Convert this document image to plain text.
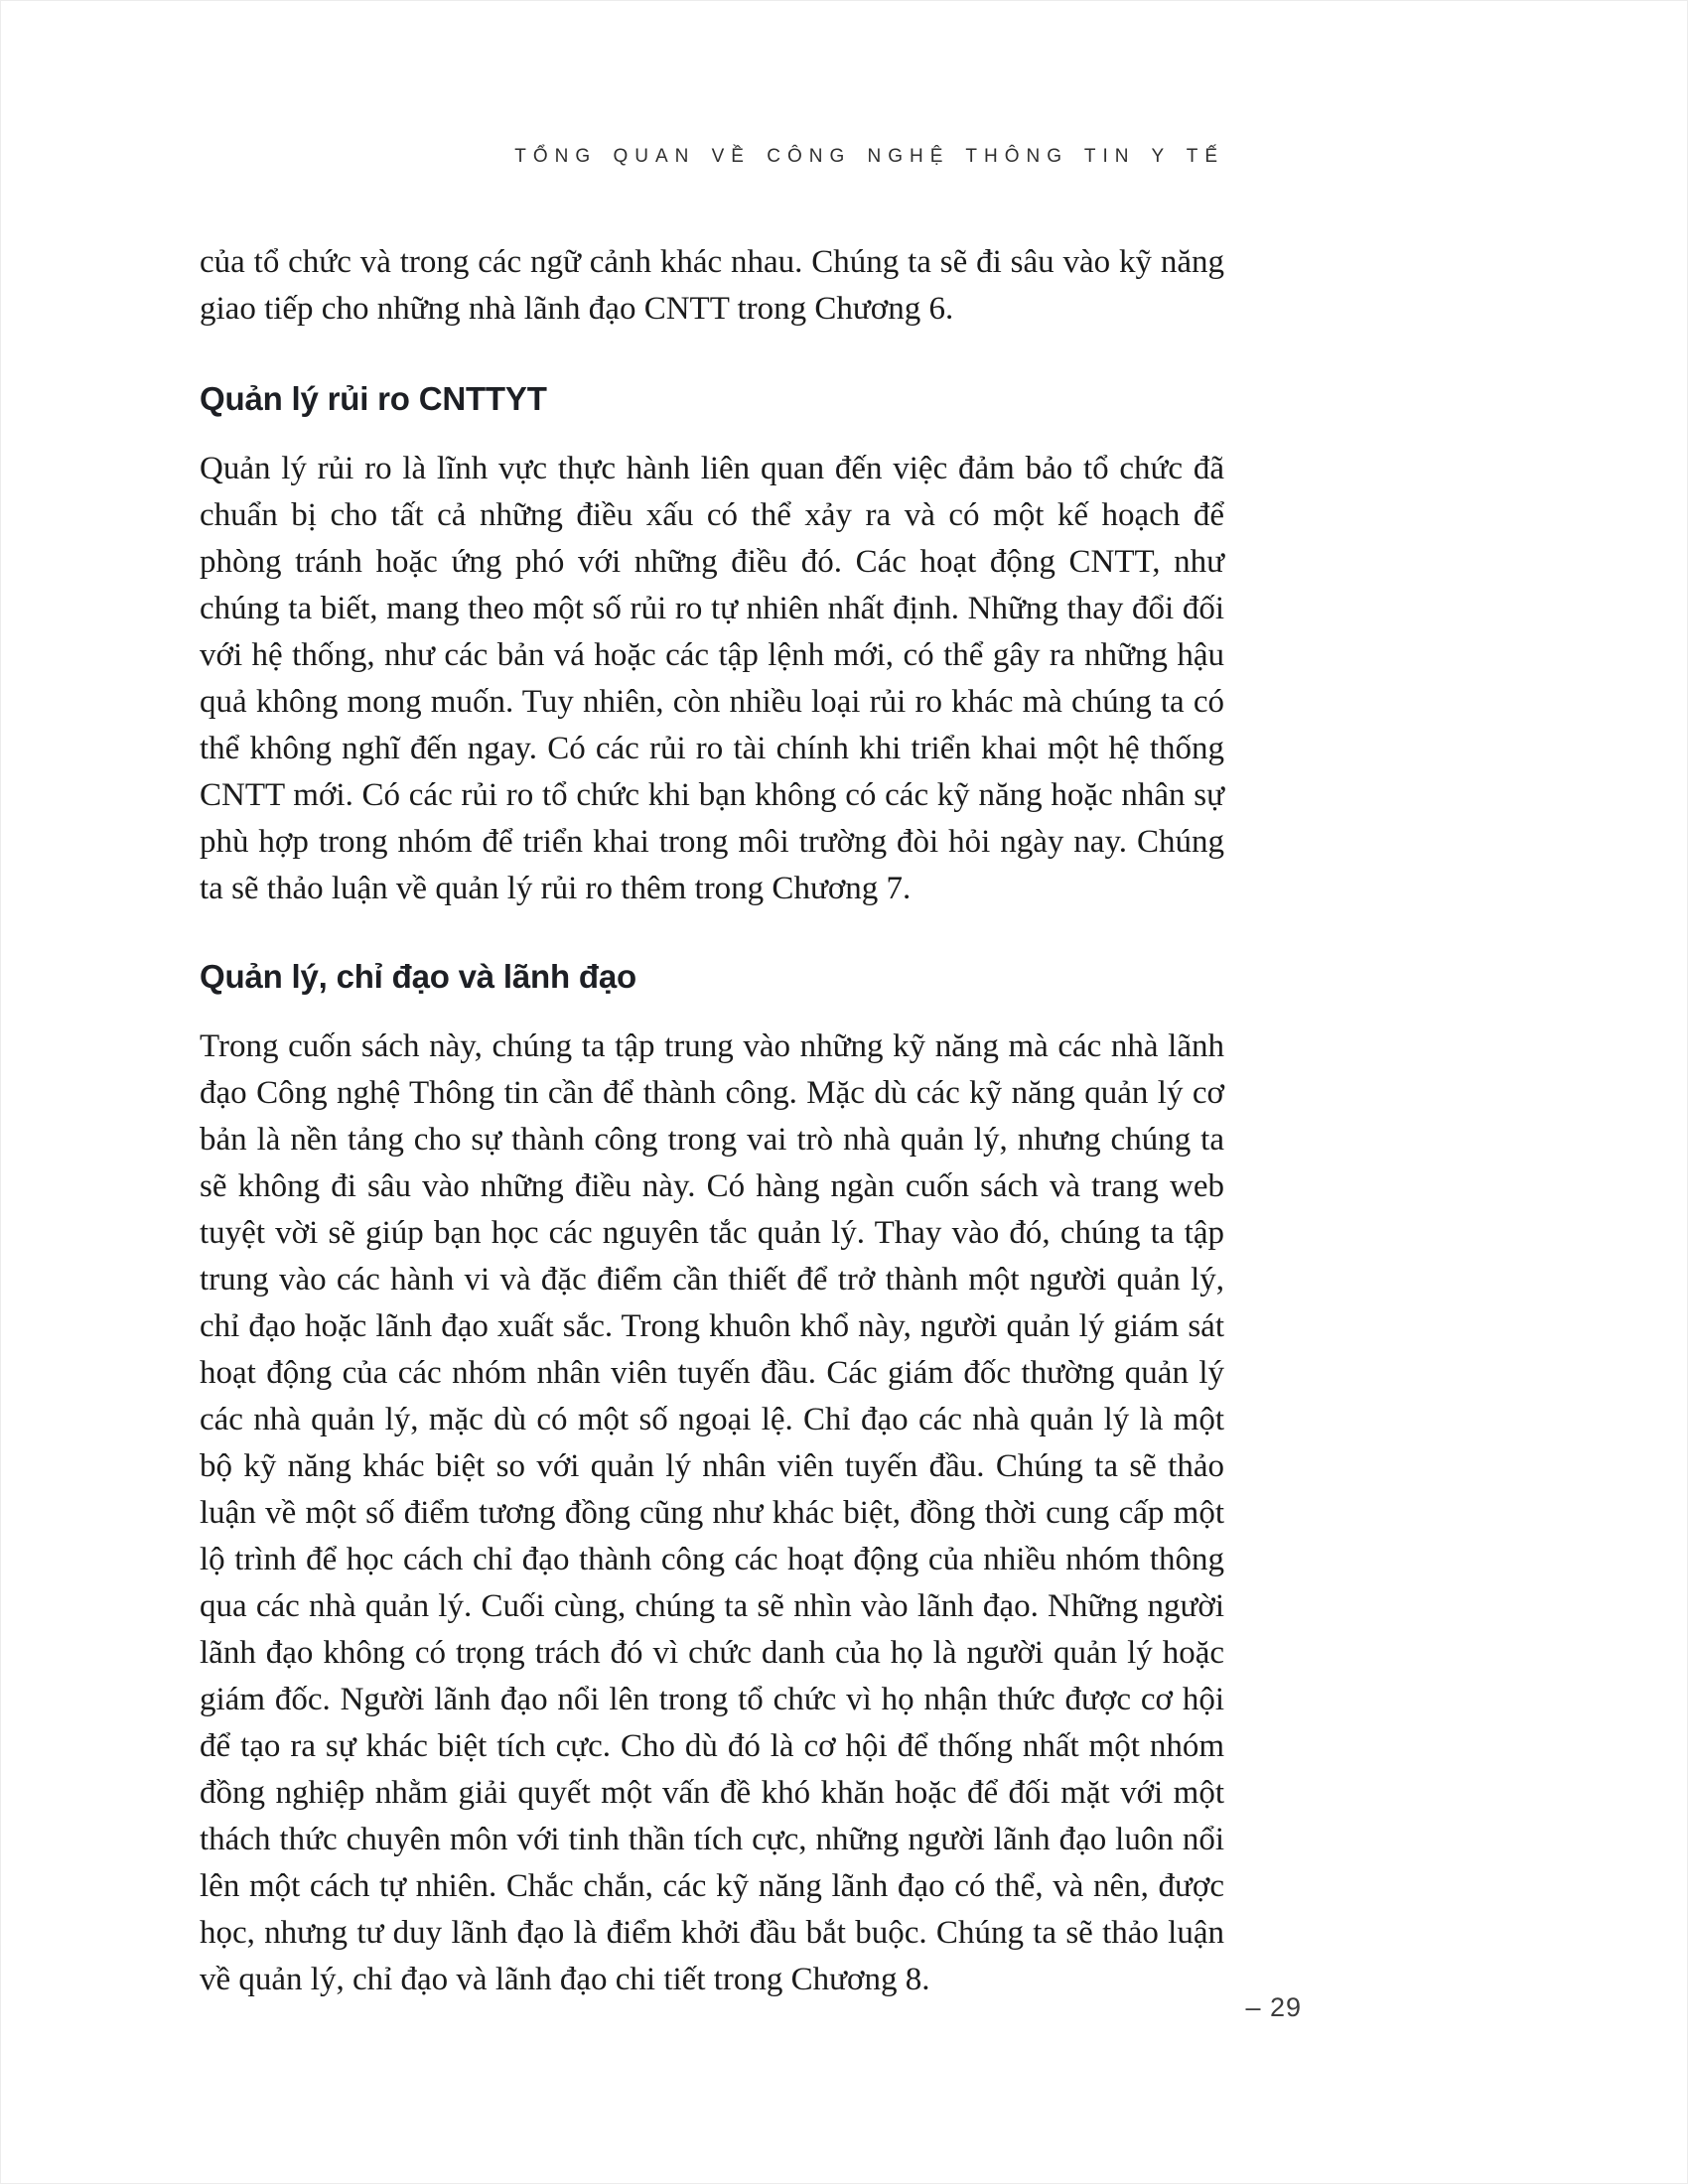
TỔNG QUAN VỀ CÔNG NGHỆ THÔNG TIN Y TẾ

của tổ chức và trong các ngữ cảnh khác nhau. Chúng ta sẽ đi sâu vào kỹ năng giao tiếp cho những nhà lãnh đạo CNTT trong Chương 6.

Quản lý rủi ro CNTTYT

Quản lý rủi ro là lĩnh vực thực hành liên quan đến việc đảm bảo tổ chức đã chuẩn bị cho tất cả những điều xấu có thể xảy ra và có một kế hoạch để phòng tránh hoặc ứng phó với những điều đó. Các hoạt động CNTT, như chúng ta biết, mang theo một số rủi ro tự nhiên nhất định. Những thay đổi đối với hệ thống, như các bản vá hoặc các tập lệnh mới, có thể gây ra những hậu quả không mong muốn. Tuy nhiên, còn nhiều loại rủi ro khác mà chúng ta có thể không nghĩ đến ngay. Có các rủi ro tài chính khi triển khai một hệ thống CNTT mới. Có các rủi ro tổ chức khi bạn không có các kỹ năng hoặc nhân sự phù hợp trong nhóm để triển khai trong môi trường đòi hỏi ngày nay. Chúng ta sẽ thảo luận về quản lý rủi ro thêm trong Chương 7.

Quản lý, chỉ đạo và lãnh đạo

Trong cuốn sách này, chúng ta tập trung vào những kỹ năng mà các nhà lãnh đạo Công nghệ Thông tin cần để thành công. Mặc dù các kỹ năng quản lý cơ bản là nền tảng cho sự thành công trong vai trò nhà quản lý, nhưng chúng ta sẽ không đi sâu vào những điều này. Có hàng ngàn cuốn sách và trang web tuyệt vời sẽ giúp bạn học các nguyên tắc quản lý. Thay vào đó, chúng ta tập trung vào các hành vi và đặc điểm cần thiết để trở thành một người quản lý, chỉ đạo hoặc lãnh đạo xuất sắc. Trong khuôn khổ này, người quản lý giám sát hoạt động của các nhóm nhân viên tuyến đầu. Các giám đốc thường quản lý các nhà quản lý, mặc dù có một số ngoại lệ. Chỉ đạo các nhà quản lý là một bộ kỹ năng khác biệt so với quản lý nhân viên tuyến đầu. Chúng ta sẽ thảo luận về một số điểm tương đồng cũng như khác biệt, đồng thời cung cấp một lộ trình để học cách chỉ đạo thành công các hoạt động của nhiều nhóm thông qua các nhà quản lý. Cuối cùng, chúng ta sẽ nhìn vào lãnh đạo. Những người lãnh đạo không có trọng trách đó vì chức danh của họ là người quản lý hoặc giám đốc. Người lãnh đạo nổi lên trong tổ chức vì họ nhận thức được cơ hội để tạo ra sự khác biệt tích cực. Cho dù đó là cơ hội để thống nhất một nhóm đồng nghiệp nhằm giải quyết một vấn đề khó khăn hoặc để đối mặt với một thách thức chuyên môn với tinh thần tích cực, những người lãnh đạo luôn nổi lên một cách tự nhiên. Chắc chắn, các kỹ năng lãnh đạo có thể, và nên, được học, nhưng tư duy lãnh đạo là điểm khởi đầu bắt buộc. Chúng ta sẽ thảo luận về quản lý, chỉ đạo và lãnh đạo chi tiết trong Chương 8.

– 29
